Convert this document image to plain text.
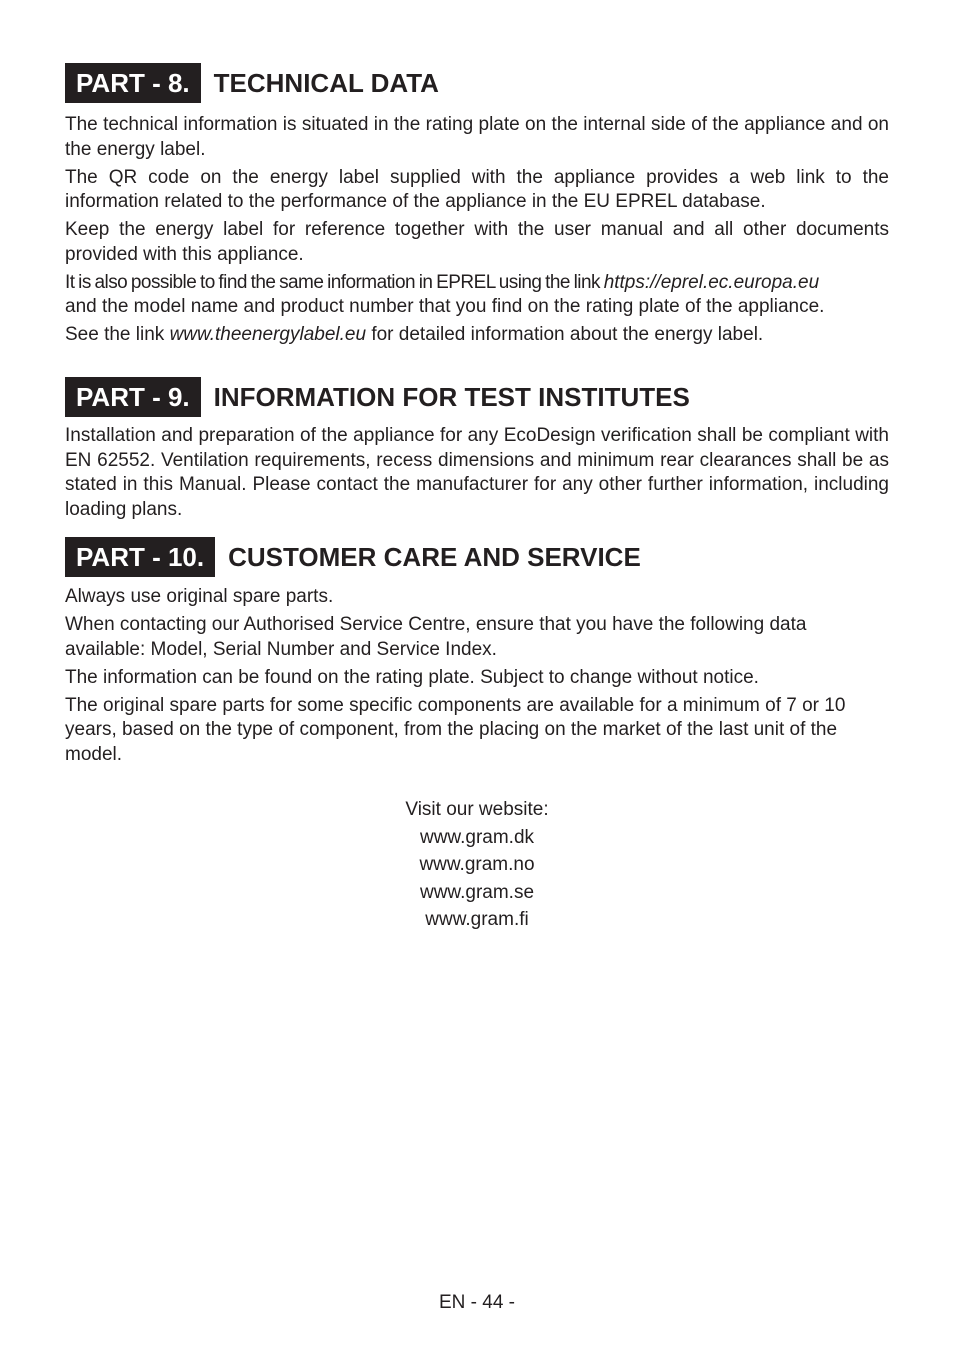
PART - 8. TECHNICAL DATA

The technical information is situated in the rating plate on the internal side of the appliance and on the energy label.

The QR code on the energy label supplied with the appliance provides a web link to the information related to the performance of the appliance in the EU EPREL database.

Keep the energy label for reference together with the user manual and all other documents provided with this appliance.

It is also possible to find the same information in EPREL using the link https://eprel.ec.europa.eu
and the model name and product number that you find on the rating plate of the appliance.

See the link www.theenergylabel.eu for detailed information about the energy label.

PART - 9. INFORMATION FOR TEST INSTITUTES

Installation and preparation of the appliance for any EcoDesign verification shall be compliant with EN 62552. Ventilation requirements, recess dimensions and minimum rear clearances shall be as stated in this Manual. Please contact the manufacturer for any other further information, including loading plans.

PART - 10. CUSTOMER CARE AND SERVICE

Always use original spare parts.

When contacting our Authorised Service Centre, ensure that you have the following data available: Model, Serial Number and Service Index.

The information can be found on the rating plate. Subject to change without notice.

The original spare parts for some specific components are available for a minimum of 7 or 10 years, based on the type of component, from the placing on the market of the last unit of the model.

Visit our website:
www.gram.dk
www.gram.no
www.gram.se
www.gram.fi
EN - 44 -
